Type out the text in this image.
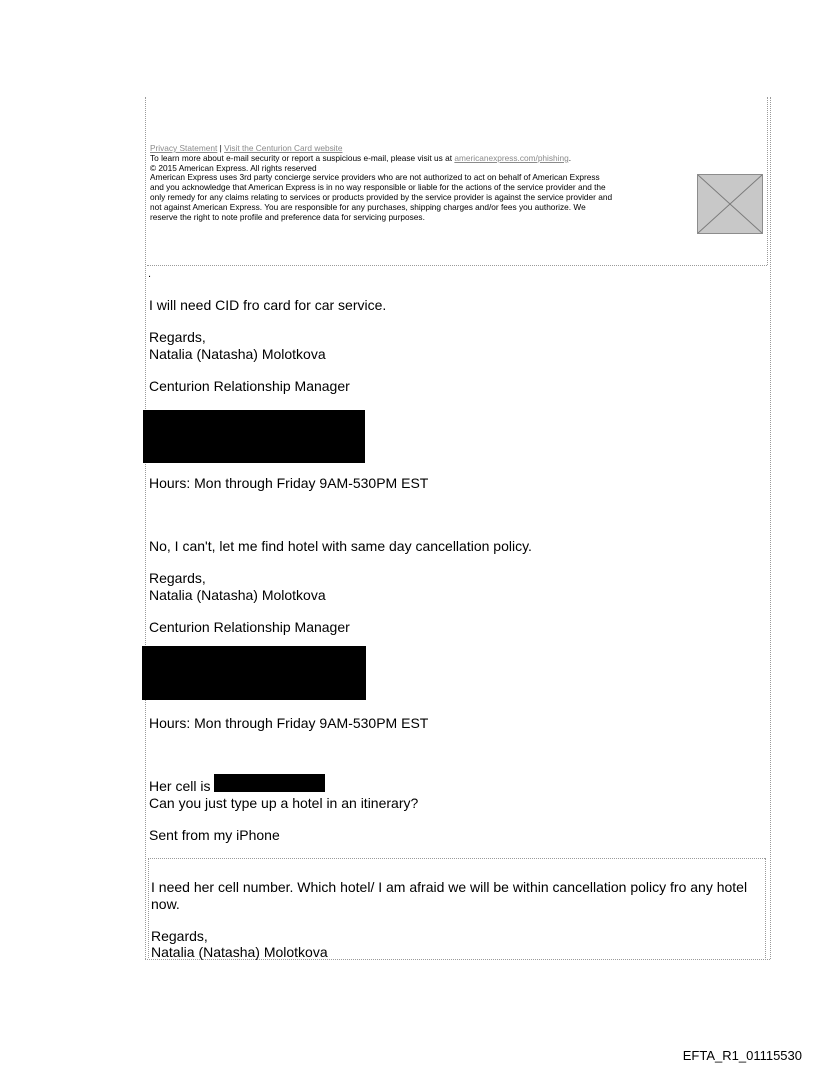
Privacy Statement | Visit the Centurion Card website
To learn more about e-mail security or report a suspicious e-mail, please visit us at americanexpress.com/phishing.
© 2015 American Express. All rights reserved
American Express uses 3rd party concierge service providers who are not authorized to act on behalf of American Express
and you acknowledge that American Express is in no way responsible or liable for the actions of the service provider and the
only remedy for any claims relating to services or products provided by the service provider is against the service provider and
not against American Express. You are responsible for any purchases, shipping charges and/or fees you authorize. We
reserve the right to note profile and preference data for servicing purposes.
.
I will need CID fro card for car service.
Regards,
Natalia (Natasha) Molotkova
Centurion Relationship Manager
Hours: Mon through Friday 9AM-530PM EST
No, I can't, let me find hotel with same day cancellation policy.
Regards,
Natalia (Natasha) Molotkova
Centurion Relationship Manager
Hours: Mon through Friday 9AM-530PM EST
Her cell is
Can you just type up a hotel in an itinerary?
Sent from my iPhone
I need her cell number. Which hotel/ I am afraid we will be within cancellation policy fro any hotel
now.
Regards,
Natalia (Natasha) Molotkova
EFTA_R1_01115530
